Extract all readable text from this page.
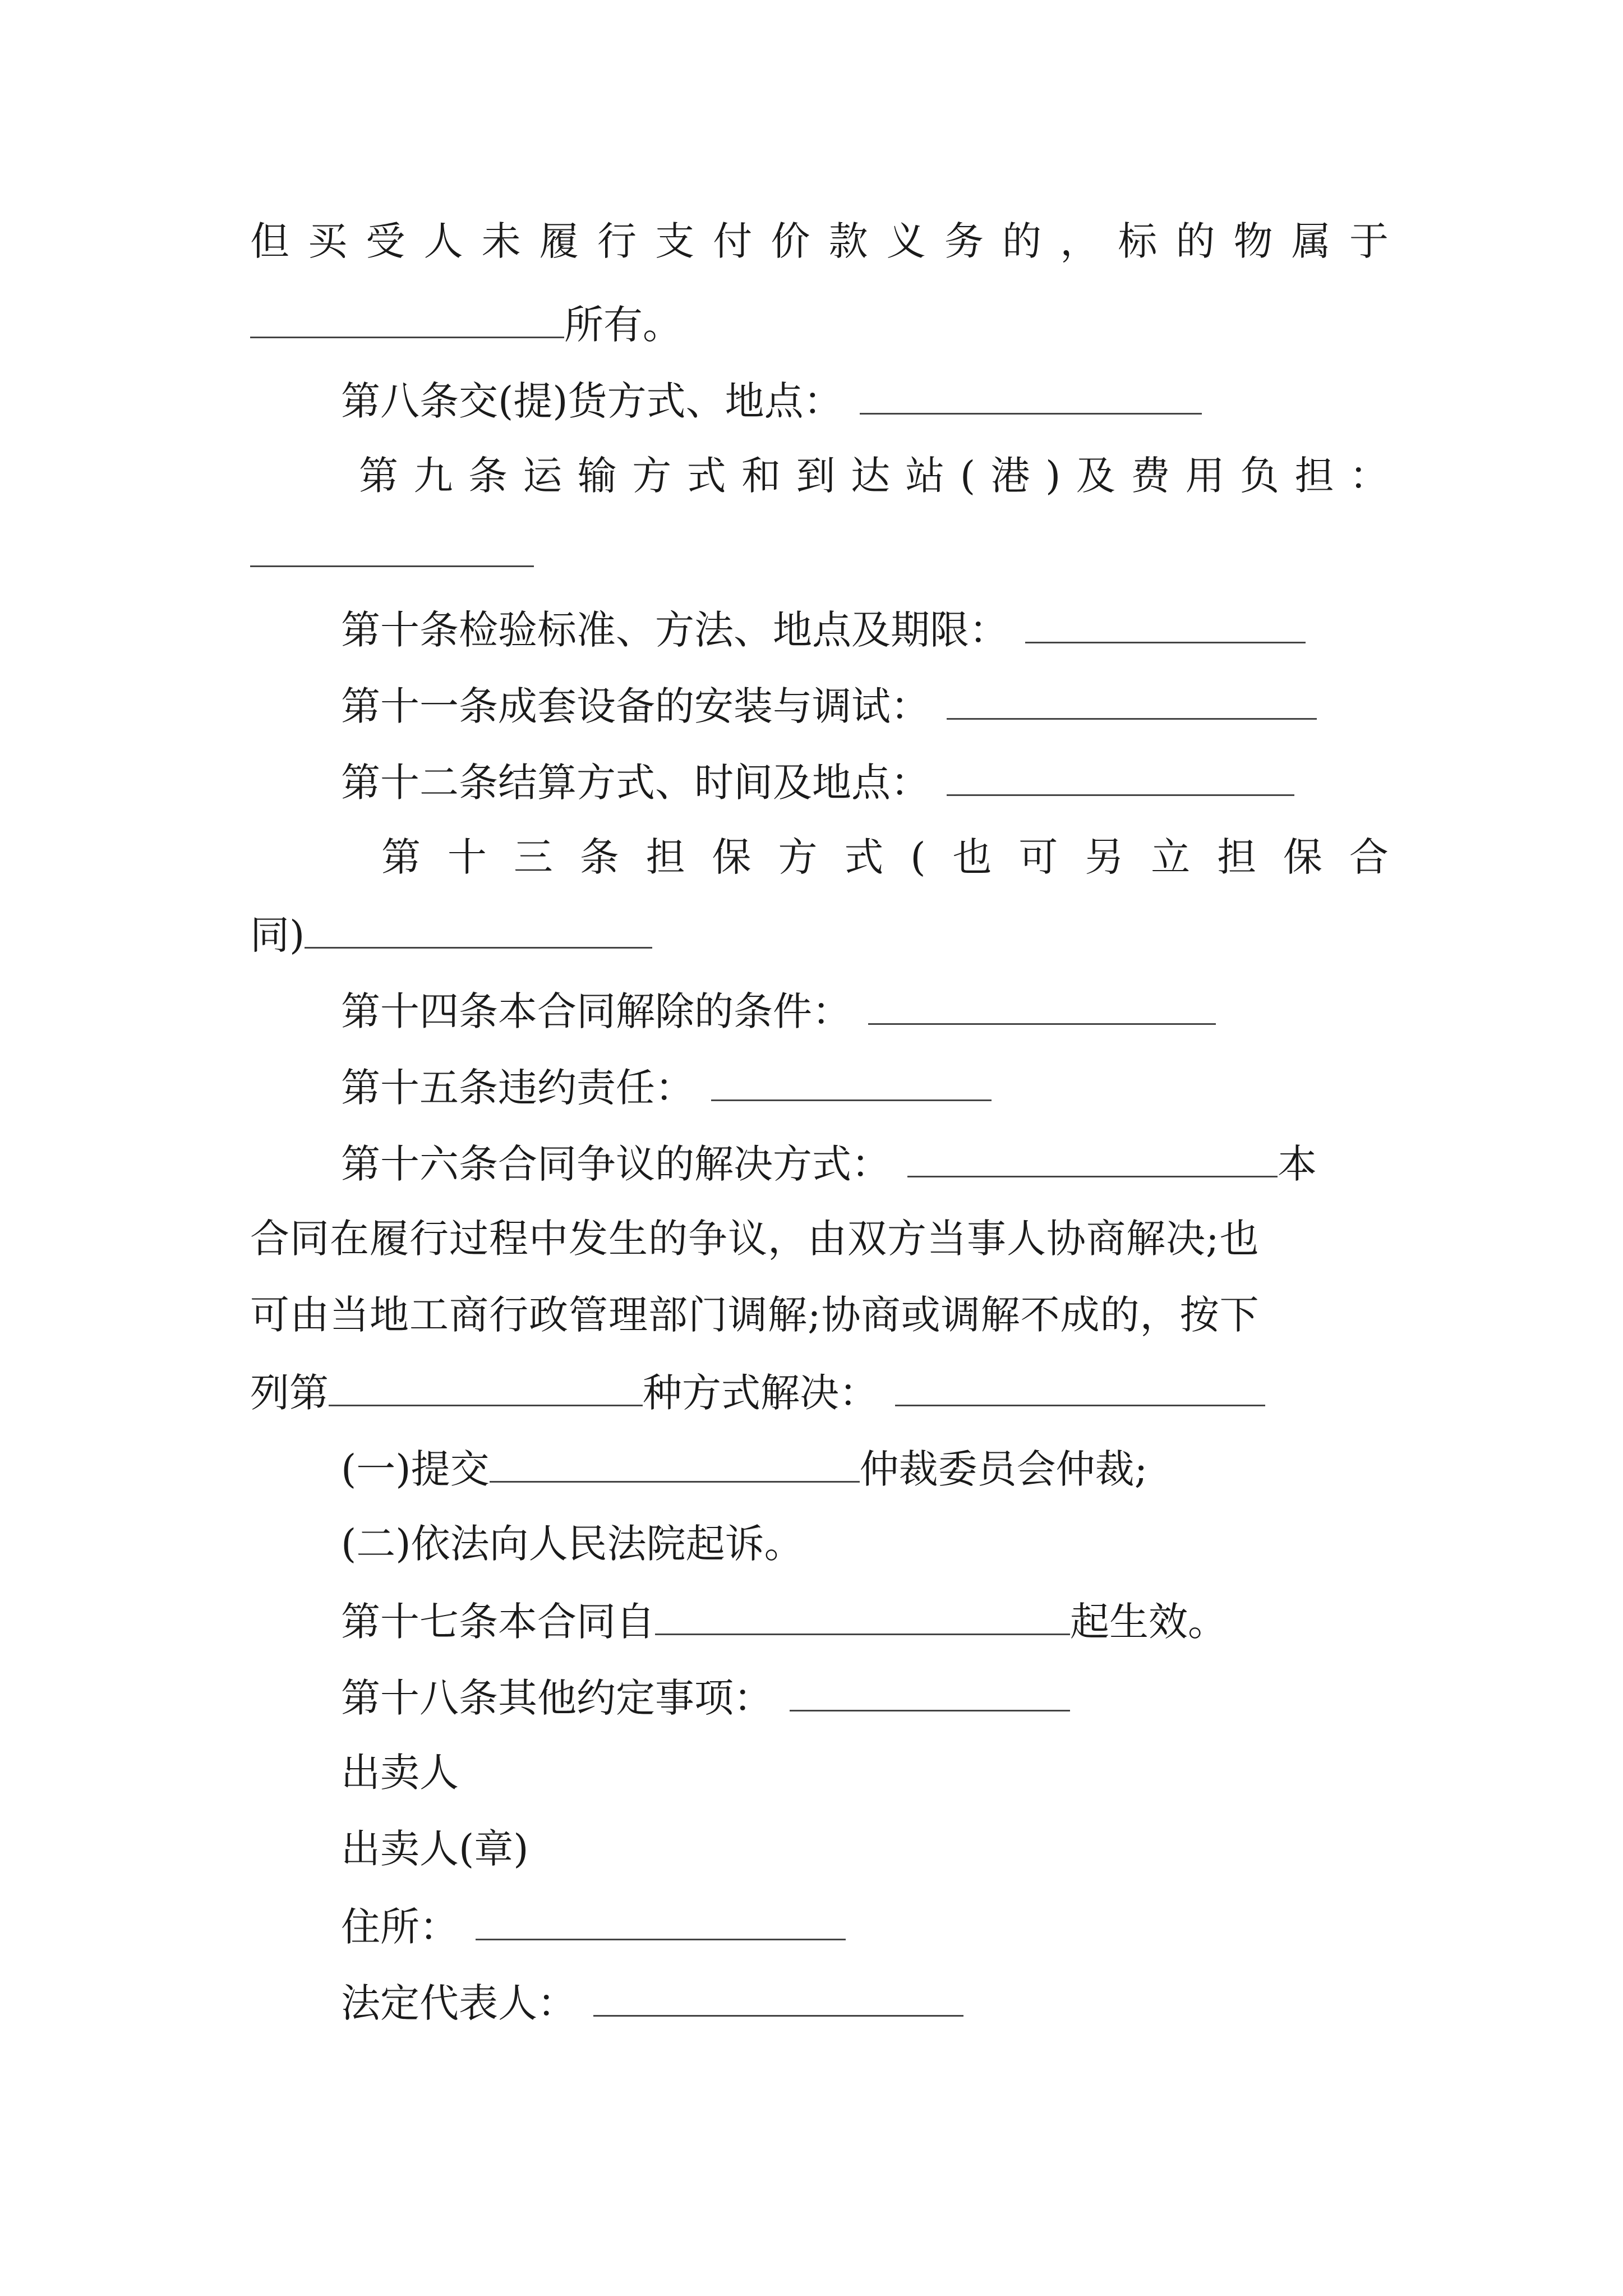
但 买 受 人 未 履 行 支 付 价 款 义 务 的 ， 标 的 物 属 于
所有。
第八条交(提)货方式、地点：
第 九 条 运 输 方 式 和 到 达 站 ( 港 ) 及 费 用 负 担 ：
第十条检验标准、方法、地点及期限：
第十一条成套设备的安装与调试：
第十二条结算方式、时间及地点：
第 十 三 条 担 保 方 式 ( 也 可 另 立 担 保 合
同)
第十四条本合同解除的条件：
第十五条违约责任：
第十六条合同争议的解决方式：	本
合同在履行过程中发生的争议，由双方当事人协商解决;也
可由当地工商行政管理部门调解;协商或调解不成的，按下
列第	种方式解决：
(一)提交	仲裁委员会仲裁;
(二)依法向人民法院起诉。
第十七条本合同自	起生效。
第十八条其他约定事项：
出卖人
出卖人(章)
住所：
法定代表人：
